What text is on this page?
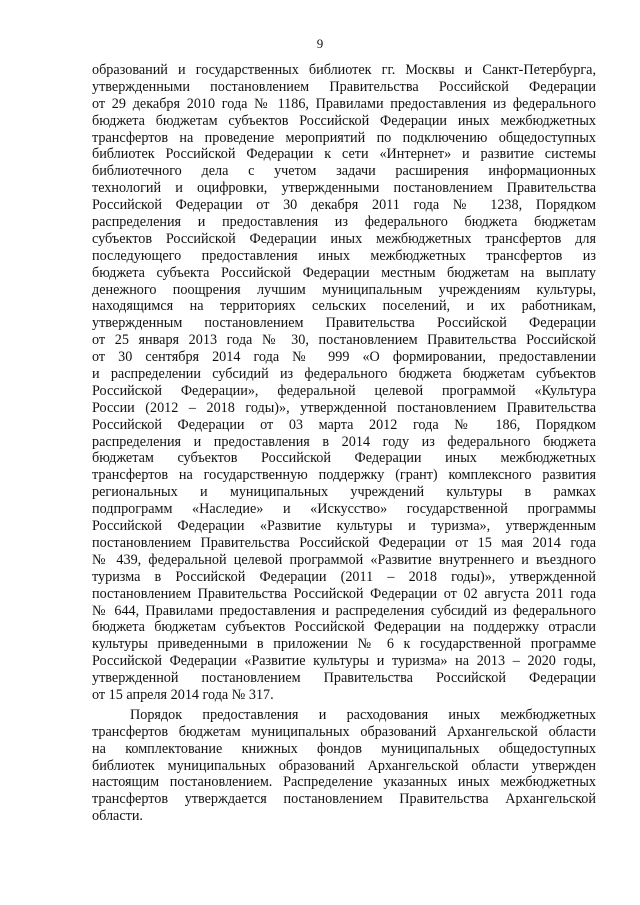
9
образований и государственных библиотек гг. Москвы и Санкт-Петербурга,
утвержденными постановлением Правительства Российской Федерации
от 29 декабря 2010 года № 1186, Правилами предоставления из федерального
бюджета бюджетам субъектов Российской Федерации иных межбюджетных
трансфертов на проведение мероприятий по подключению общедоступных
библиотек Российской Федерации к сети «Интернет» и развитие системы
библиотечного дела с учетом задачи расширения информационных
технологий и оцифровки, утвержденными постановлением Правительства
Российской Федерации от 30 декабря 2011 года № 1238, Порядком
распределения и предоставления из федерального бюджета бюджетам
субъектов Российской Федерации иных межбюджетных трансфертов для
последующего предоставления иных межбюджетных трансфертов из
бюджета субъекта Российской Федерации местным бюджетам на выплату
денежного поощрения лучшим муниципальным учреждениям культуры,
находящимся на территориях сельских поселений, и их работникам,
утвержденным постановлением Правительства Российской Федерации
от 25 января 2013 года № 30, постановлением Правительства Российской
от 30 сентября 2014 года № 999 «О формировании, предоставлении
и распределении субсидий из федерального бюджета бюджетам субъектов
Российской Федерации», федеральной целевой программой «Культура
России (2012 – 2018 годы)», утвержденной постановлением Правительства
Российской Федерации от 03 марта 2012 года № 186, Порядком
распределения и предоставления в 2014 году из федерального бюджета
бюджетам субъектов Российской Федерации иных межбюджетных
трансфертов на государственную поддержку (грант) комплексного развития
региональных и муниципальных учреждений культуры в рамках
подпрограмм «Наследие» и «Искусство» государственной программы
Российской Федерации «Развитие культуры и туризма», утвержденным
постановлением Правительства Российской Федерации от 15 мая 2014 года
№ 439, федеральной целевой программой «Развитие внутреннего и въездного
туризма в Российской Федерации (2011 – 2018 годы)», утвержденной
постановлением Правительства Российской Федерации от 02 августа 2011 года
№ 644, Правилами предоставления и распределения субсидий из федерального
бюджета бюджетам субъектов Российской Федерации на поддержку отрасли
культуры приведенными в приложении № 6 к государственной программе
Российской Федерации «Развитие культуры и туризма» на 2013 – 2020 годы,
утвержденной постановлением Правительства Российской Федерации
от 15 апреля 2014 года № 317.
Порядок предоставления и расходования иных межбюджетных
трансфертов бюджетам муниципальных образований Архангельской области
на комплектование книжных фондов муниципальных общедоступных
библиотек муниципальных образований Архангельской области утвержден
настоящим постановлением. Распределение указанных иных межбюджетных
трансфертов утверждается постановлением Правительства Архангельской
области.
